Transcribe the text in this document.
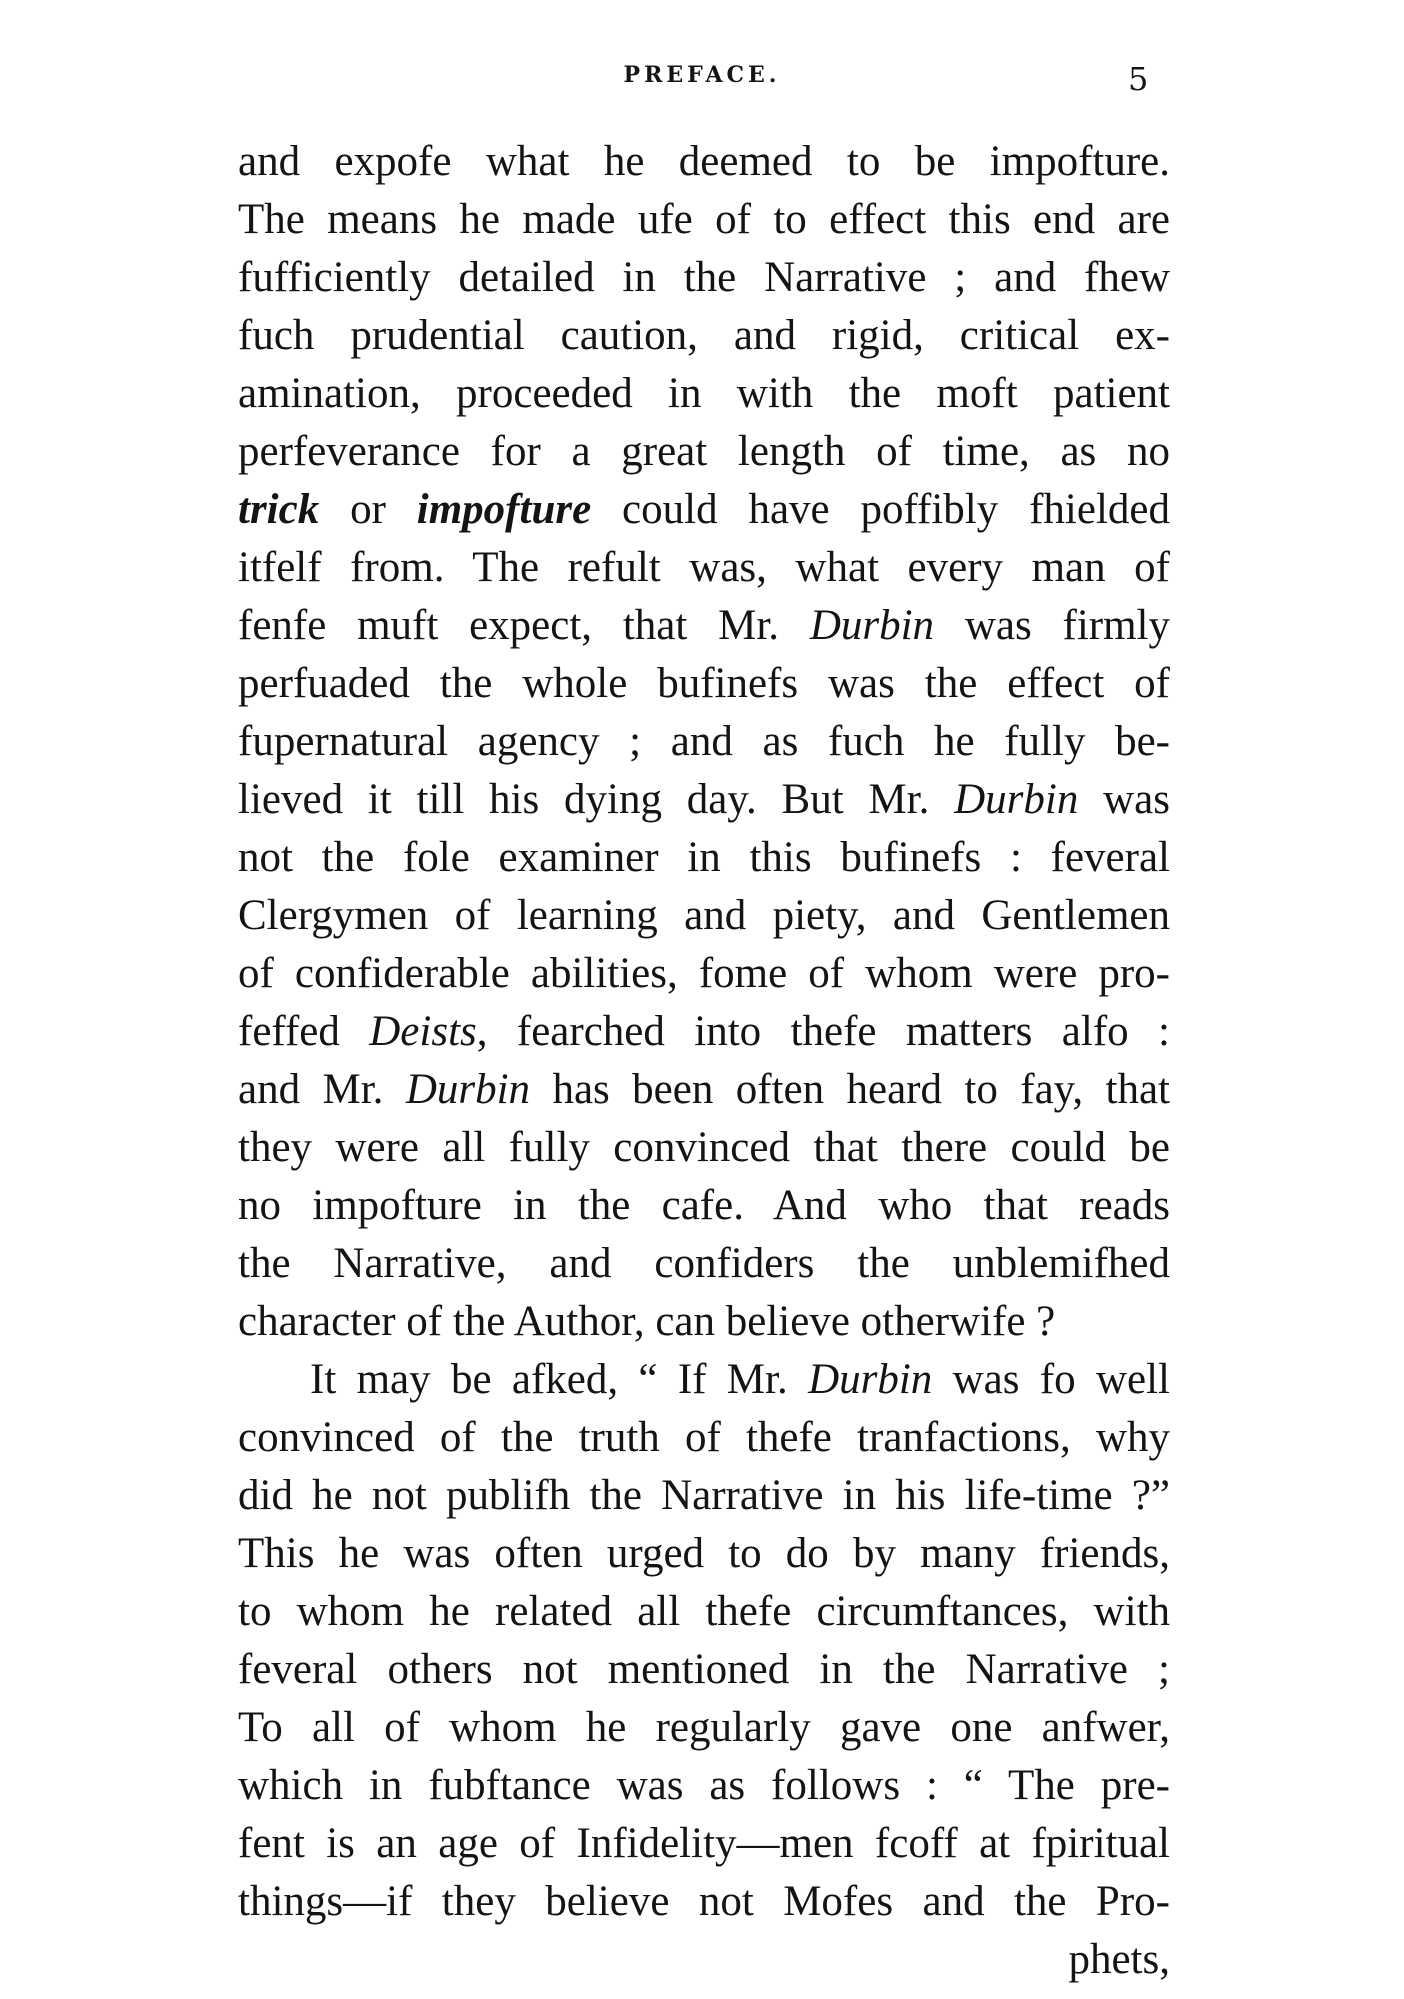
PREFACE.	5
and expofe what he deemed to be impofture.
The means he made ufe of to effect this end are
fufficiently detailed in the Narrative ; and fhew
fuch prudential caution, and rigid, critical ex-
amination, proceeded in with the moft patient
perfeverance for a great length of time, as no
trick or impofture could have poffibly fhielded
itfelf from. The refult was, what every man of
fenfe muft expect, that Mr. Durbin was firmly
perfuaded the whole bufinefs was the effect of
fupernatural agency ; and as fuch he fully be-
lieved it till his dying day. But Mr. Durbin was
not the fole examiner in this bufinefs : feveral
Clergymen of learning and piety, and Gentlemen
of confiderable abilities, fome of whom were pro-
feffed Deists, fearched into thefe matters alfo :
and Mr. Durbin has been often heard to fay, that
they were all fully convinced that there could be
no impofture in the cafe. And who that reads
the Narrative, and confiders the unblemifhed
character of the Author, can believe otherwife ?
It may be afked, “ If Mr. Durbin was fo well
convinced of the truth of thefe tranfactions, why
did he not publifh the Narrative in his life-time ?”
This he was often urged to do by many friends,
to whom he related all thefe circumftances, with
feveral others not mentioned in the Narrative ;
To all of whom he regularly gave one anfwer,
which in fubftance was as follows : “ The pre-
fent is an age of Infidelity—men fcoff at fpiritual
things—if they believe not Mofes and the Pro-
phets,
